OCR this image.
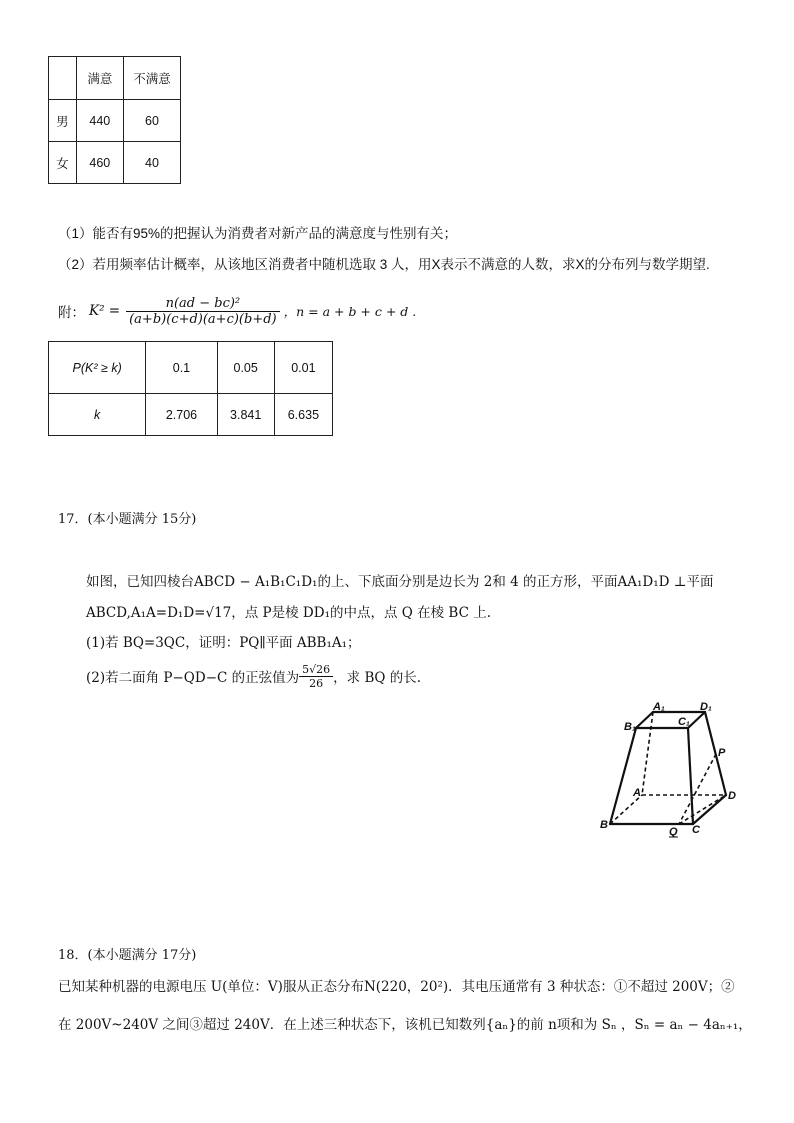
	满意	不满意
男	440	60
女	460	40
（1）能否有95%的把握认为消费者对新产品的满意度与性别有关；
（2）若用频率估计概率，从该地区消费者中随机选取 3 人，用X表示不满意的人数，求X的分布列与数学期望.
附： $K^2 = \frac{\text{n(ad − bc)²}}{(a+b)(c+d)(a+c)(b+d)}$ ，n = a + b + c + d .
P(K² ≥ k)	0.1	0.05	0.01
k	2.706	3.841	6.635
17．(本小题满分 15分)
如图，已知四棱台ABCD − A₁B₁C₁D₁的上、下底面分别是边长为 2和 4 的正方形，平面AA₁D₁D ⊥平面
ABCD,A₁A=D₁D=√17，点 P是棱 DD₁的中点，点 Q 在棱 BC 上.
(1)若 BQ=3QC，证明：PQ∥平面 ABB₁A₁；
(2)若二面角 P−QD−C 的正弦值为 $\frac{5√26}{26}$ ，求 BQ 的长.
A₁	D₁
B₁	C₁
P
A	D
B
Q C
18．(本小题满分 17分)
已知某种机器的电源电压 U(单位：V)服从正态分布N(220，20²)．其电压通常有 3 种状态：①不超过 200V；②
在 200V~240V 之间③超过 240V．在上述三种状态下，该机已知数列{aₙ}的前 n项和为 Sₙ ，Sₙ = aₙ − 4aₙ₊₁，
